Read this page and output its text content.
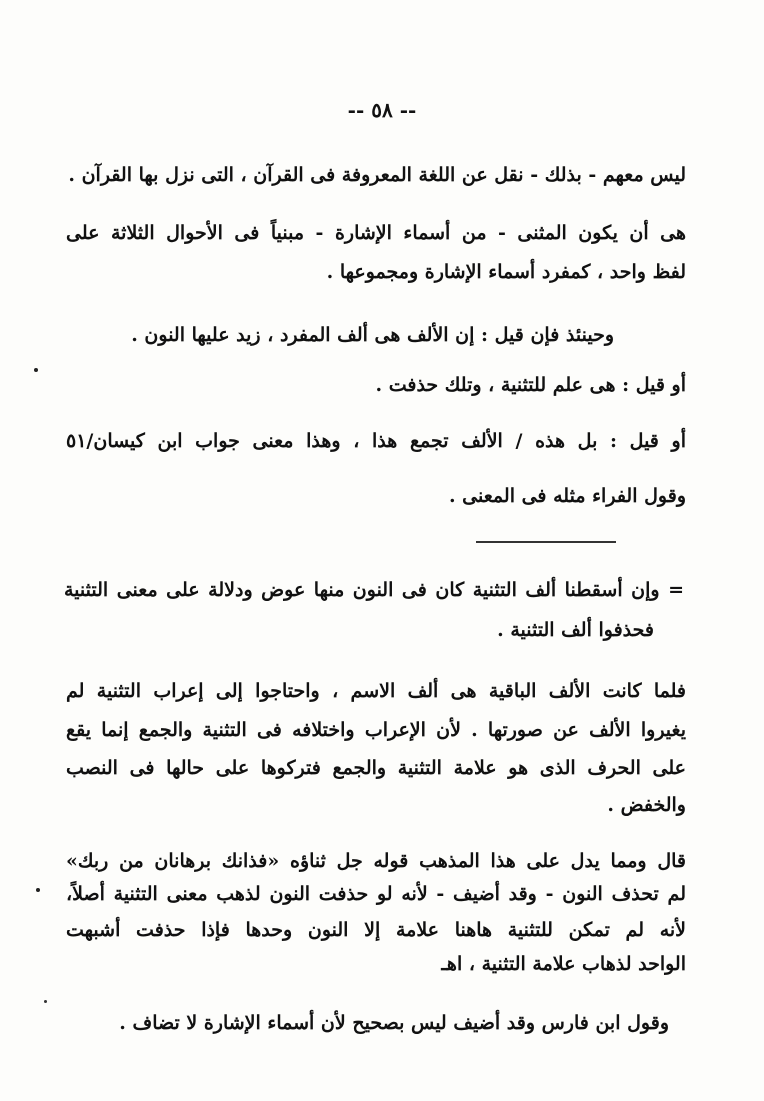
-- ٥٨ --
ليس معهم - بذلك - نقل عن اللغة المعروفة فى القرآن ، التى نزل بها القرآن .
هى أن يكون المثنى - من أسماء الإشارة - مبنياً فى الأحوال الثلاثة على
لفظ واحد ، كمفرد أسماء الإشارة ومجموعها .
وحينئذ فإن قيل : إن الألف هى ألف المفرد ، زيد عليها النون .
أو قيل : هى علم للتثنية ، وتلك حذفت .
أو قيل : بل هذه / الألف تجمع هذا ، وهذا معنى جواب ابن كيسان/٥١
وقول الفراء مثله فى المعنى .
= وإن أسقطنا ألف التثنية كان فى النون منها عوض ودلالة على معنى التثنية
فحذفوا ألف التثنية .
فلما كانت الألف الباقية هى ألف الاسم ، واحتاجوا إلى إعراب التثنية لم
يغيروا الألف عن صورتها . لأن الإعراب واختلافه فى التثنية والجمع إنما يقع
على الحرف الذى هو علامة التثنية والجمع فتركوها على حالها فى النصب
والخفض .
قال ومما يدل على هذا المذهب قوله جل ثناؤه «فذانك برهانان من ربك»
لم تحذف النون - وقد أضيف - لأنه لو حذفت النون لذهب معنى التثنية أصلاً،
لأنه لم تمكن للتثنية هاهنا علامة إلا النون وحدها فإذا حذفت أشبهت
الواحد لذهاب علامة التثنية ، اهـ
وقول ابن فارس وقد أضيف ليس بصحيح لأن أسماء الإشارة لا تضاف .
